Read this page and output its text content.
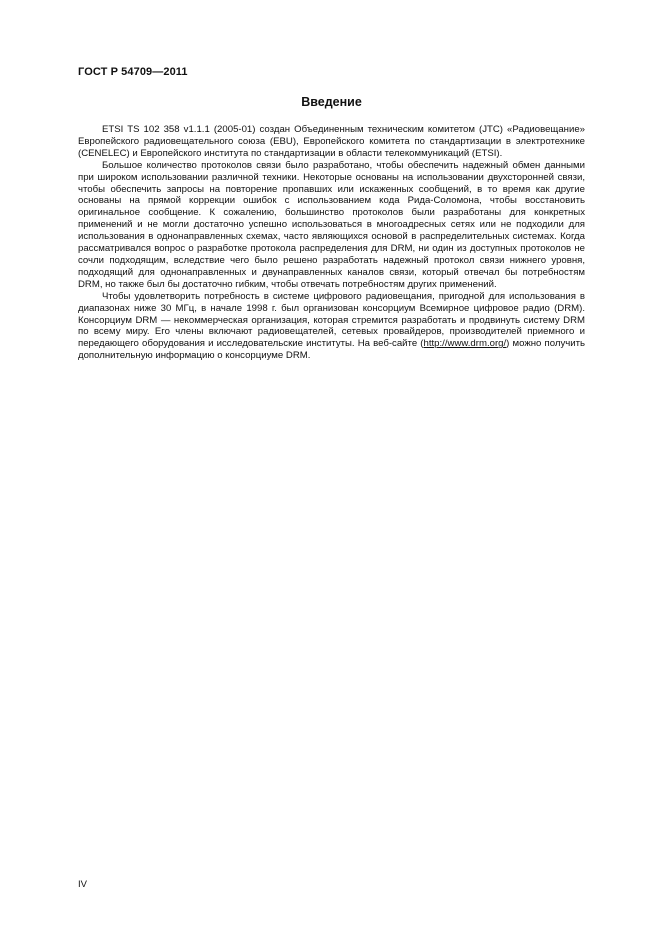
ГОСТ Р 54709—2011
Введение

ETSI TS 102 358 v1.1.1 (2005-01) создан Объединенным техническим комитетом (JTC) «Радиовещание» Европейского радиовещательного союза (EBU), Европейского комитета по стандартизации в электротехнике (CENELEC) и Европейского института по стандартизации в области телекоммуникаций (ETSI).

Большое количество протоколов связи было разработано, чтобы обеспечить надежный обмен данными при широком использовании различной техники. Некоторые основаны на использовании двухсторонней связи, чтобы обеспечить запросы на повторение пропавших или искаженных сообщений, в то время как другие основаны на прямой коррекции ошибок с использованием кода Рида-Соломона, чтобы восстановить оригинальное сообщение. К сожалению, большинство протоколов были разработаны для конкретных применений и не могли достаточно успешно использоваться в многоадресных сетях или не подходили для использования в однонаправленных схемах, часто являющихся основой в распределительных системах. Когда рассматривался вопрос о разработке протокола распределения для DRM, ни один из доступных протоколов не сочли подходящим, вследствие чего было решено разработать надежный протокол связи нижнего уровня, подходящий для однонаправленных и двунаправленных каналов связи, который отвечал бы потребностям DRM, но также был бы достаточно гибким, чтобы отвечать потребностям других применений.

Чтобы удовлетворить потребность в системе цифрового радиовещания, пригодной для использования в диапазонах ниже 30 МГц, в начале 1998 г. был организован консорциум Всемирное цифровое радио (DRM). Консорциум DRM — некоммерческая организация, которая стремится разработать и продвинуть систему DRM по всему миру. Его члены включают радиовещателей, сетевых провайдеров, производителей приемного и передающего оборудования и исследовательские институты. На веб-сайте (http://www.drm.org/) можно получить дополнительную информацию о консорциуме DRM.

IV
